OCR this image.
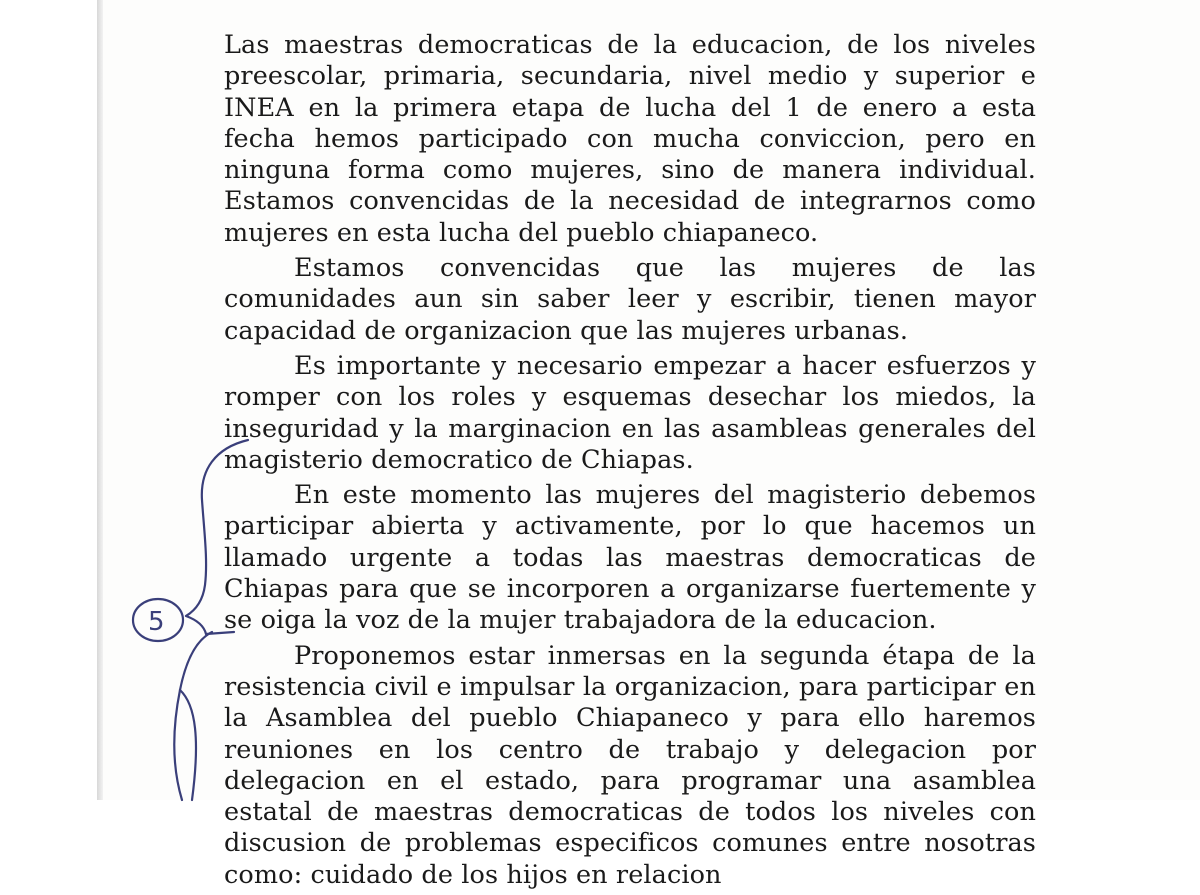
Las maestras democraticas de la educacion, de los niveles preescolar, primaria, secundaria, nivel medio y superior e INEA en la primera etapa de lucha del 1 de enero a esta fecha hemos participado con mucha conviccion, pero en ninguna forma como mujeres, sino de manera individual. Estamos convencidas de la necesidad de integrarnos como mujeres en esta lucha del pueblo chiapaneco.

Estamos convencidas que las mujeres de las comunidades aun sin saber leer y escribir, tienen mayor capacidad de organizacion que las mujeres urbanas.

Es importante y necesario empezar a hacer esfuerzos y romper con los roles y esquemas desechar los miedos, la inseguridad y la marginacion en las asambleas generales del magisterio democratico de Chiapas.

En este momento las mujeres del magisterio debemos participar abierta y activamente, por lo que hacemos un llamado urgente a todas las maestras democraticas de Chiapas para que se incorporen a organizarse fuertemente y se oiga la voz de la mujer trabajadora de la educacion.

Proponemos estar inmersas en la segunda étapa de la resistencia civil e impulsar la organizacion, para participar en la Asamblea del pueblo Chiapaneco y para ello haremos reuniones en los centro de trabajo y delegacion por delegacion en el estado, para programar una asamblea estatal de maestras democraticas de todos los niveles con discusion de problemas especificos comunes entre nosotras como: cuidado de los hijos en relacion

5
